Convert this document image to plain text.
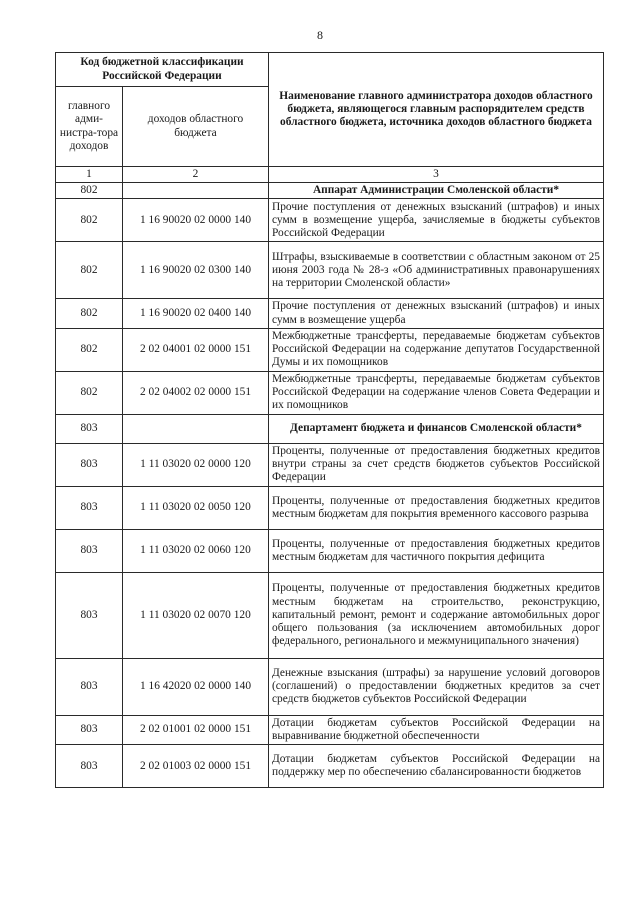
8
Код бюджетной классификации Российской Федерации		Наименование главного администратора доходов областного бюджета, являющегося главным распорядителем средств областного бюджета, источника доходов областного бюджета
главного адми-нистра-тора доходов	доходов областного бюджета	
1	2	3
802		Аппарат Администрации Смоленской области*
802	1 16 90020 02 0000 140	Прочие поступления от денежных взысканий (штрафов) и иных сумм в возмещение ущерба, зачисляемые в бюджеты субъектов Российской Федерации
802	1 16 90020 02 0300 140	Штрафы, взыскиваемые в соответствии с областным законом от 25 июня 2003 года № 28-з «Об административных правонарушениях на территории Смоленской области»
802	1 16 90020 02 0400 140	Прочие поступления от денежных взысканий (штрафов) и иных сумм в возмещение ущерба
802	2 02 04001 02 0000 151	Межбюджетные трансферты, передаваемые бюджетам субъектов Российской Федерации на содержание депутатов Государственной Думы и их помощников
802	2 02 04002 02 0000 151	Межбюджетные трансферты, передаваемые бюджетам субъектов Российской Федерации на содержание членов Совета Федерации и их помощников
803		Департамент бюджета и финансов Смоленской области*
803	1 11 03020 02 0000 120	Проценты, полученные от предоставления бюджетных кредитов внутри страны за счет средств бюджетов субъектов Российской Федерации
803	1 11 03020 02 0050 120	Проценты, полученные от предоставления бюджетных кредитов местным бюджетам для покрытия временного кассового разрыва
803	1 11 03020 02 0060 120	Проценты, полученные от предоставления бюджетных кредитов местным бюджетам для частичного покрытия дефицита
803	1 11 03020 02 0070 120	Проценты, полученные от предоставления бюджетных кредитов местным бюджетам на строительство, реконструкцию, капитальный ремонт, ремонт и содержание автомобильных дорог общего пользования (за исключением автомобильных дорог федерального, регионального и межмуниципального значения)
803	1 16 42020 02 0000 140	Денежные взыскания (штрафы) за нарушение условий договоров (соглашений) о предоставлении бюджетных кредитов за счет средств бюджетов субъектов Российской Федерации
803	2 02 01001 02 0000 151	Дотации бюджетам субъектов Российской Федерации на выравнивание бюджетной обеспеченности
803	2 02 01003 02 0000 151	Дотации бюджетам субъектов Российской Федерации на поддержку мер по обеспечению сбалансированности бюджетов
